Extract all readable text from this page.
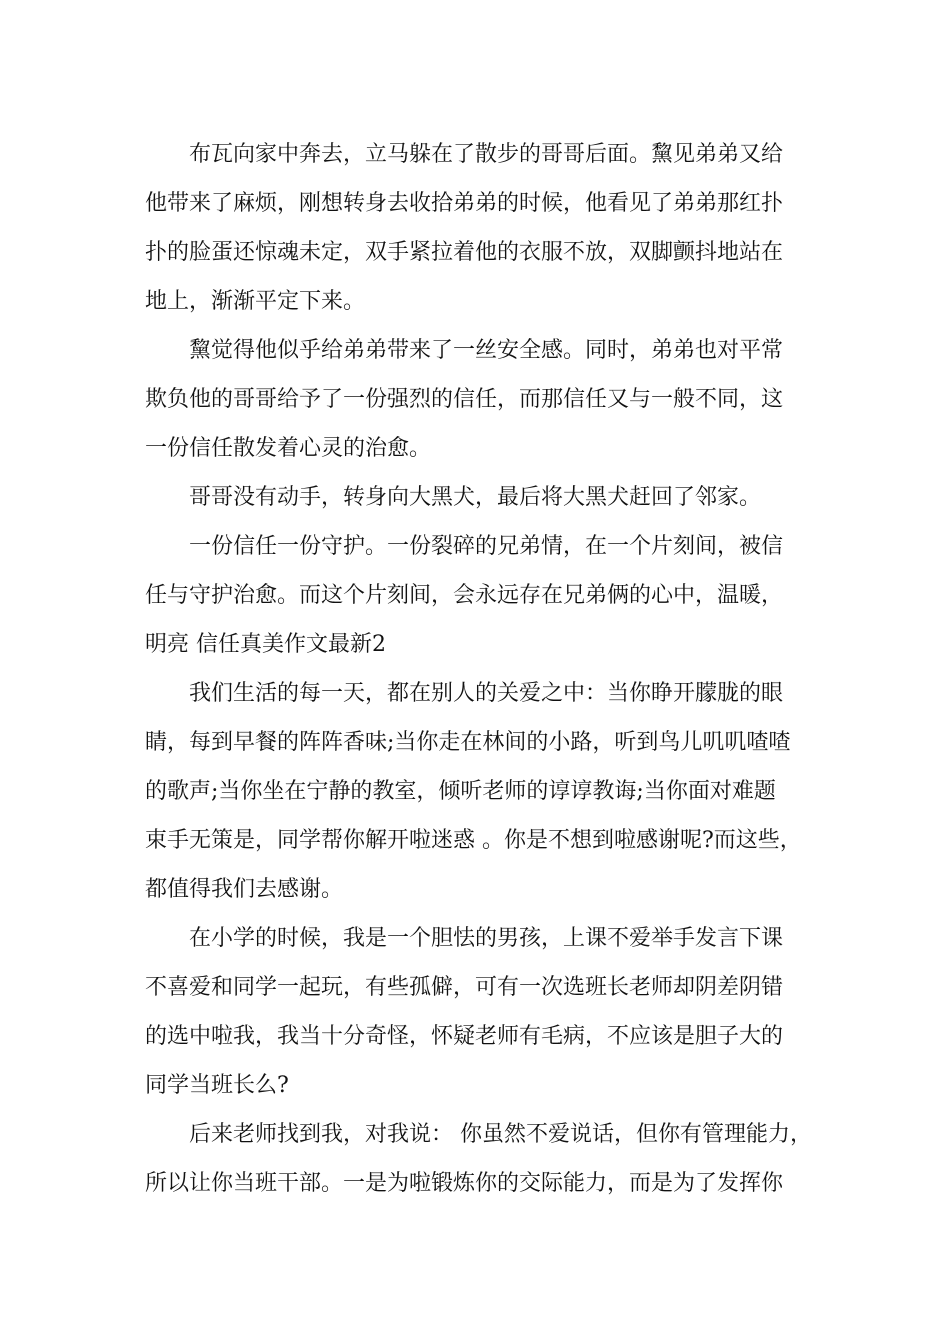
布瓦向家中奔去，立马躲在了散步的哥哥后面。黧见弟弟又给
他带来了麻烦，刚想转身去收拾弟弟的时候，他看见了弟弟那红扑
扑的脸蛋还惊魂未定，双手紧拉着他的衣服不放，双脚颤抖地站在
地上，渐渐平定下来。

黧觉得他似乎给弟弟带来了一丝安全感。同时，弟弟也对平常
欺负他的哥哥给予了一份强烈的信任，而那信任又与一般不同，这
一份信任散发着心灵的治愈。

哥哥没有动手，转身向大黑犬，最后将大黑犬赶回了邻家。

一份信任一份守护。一份裂碎的兄弟情，在一个片刻间，被信
任与守护治愈。而这个片刻间，会永远存在兄弟俩的心中，温暖，
明亮 信任真美作文最新2

我们生活的每一天，都在别人的关爱之中：当你睁开朦胧的眼
睛，每到早餐的阵阵香味;当你走在林间的小路，听到鸟儿叽叽喳喳
的歌声;当你坐在宁静的教室，倾听老师的谆谆教诲;当你面对难题
束手无策是，同学帮你解开啦迷惑 。你是不想到啦感谢呢?而这些，
都值得我们去感谢。

在小学的时候，我是一个胆怯的男孩，上课不爱举手发言下课
不喜爱和同学一起玩，有些孤僻，可有一次选班长老师却阴差阴错
的选中啦我，我当十分奇怪，怀疑老师有毛病，不应该是胆子大的
同学当班长么?

后来老师找到我，对我说： 你虽然不爱说话，但你有管理能力，
所以让你当班干部。一是为啦锻炼你的交际能力，而是为了发挥你
